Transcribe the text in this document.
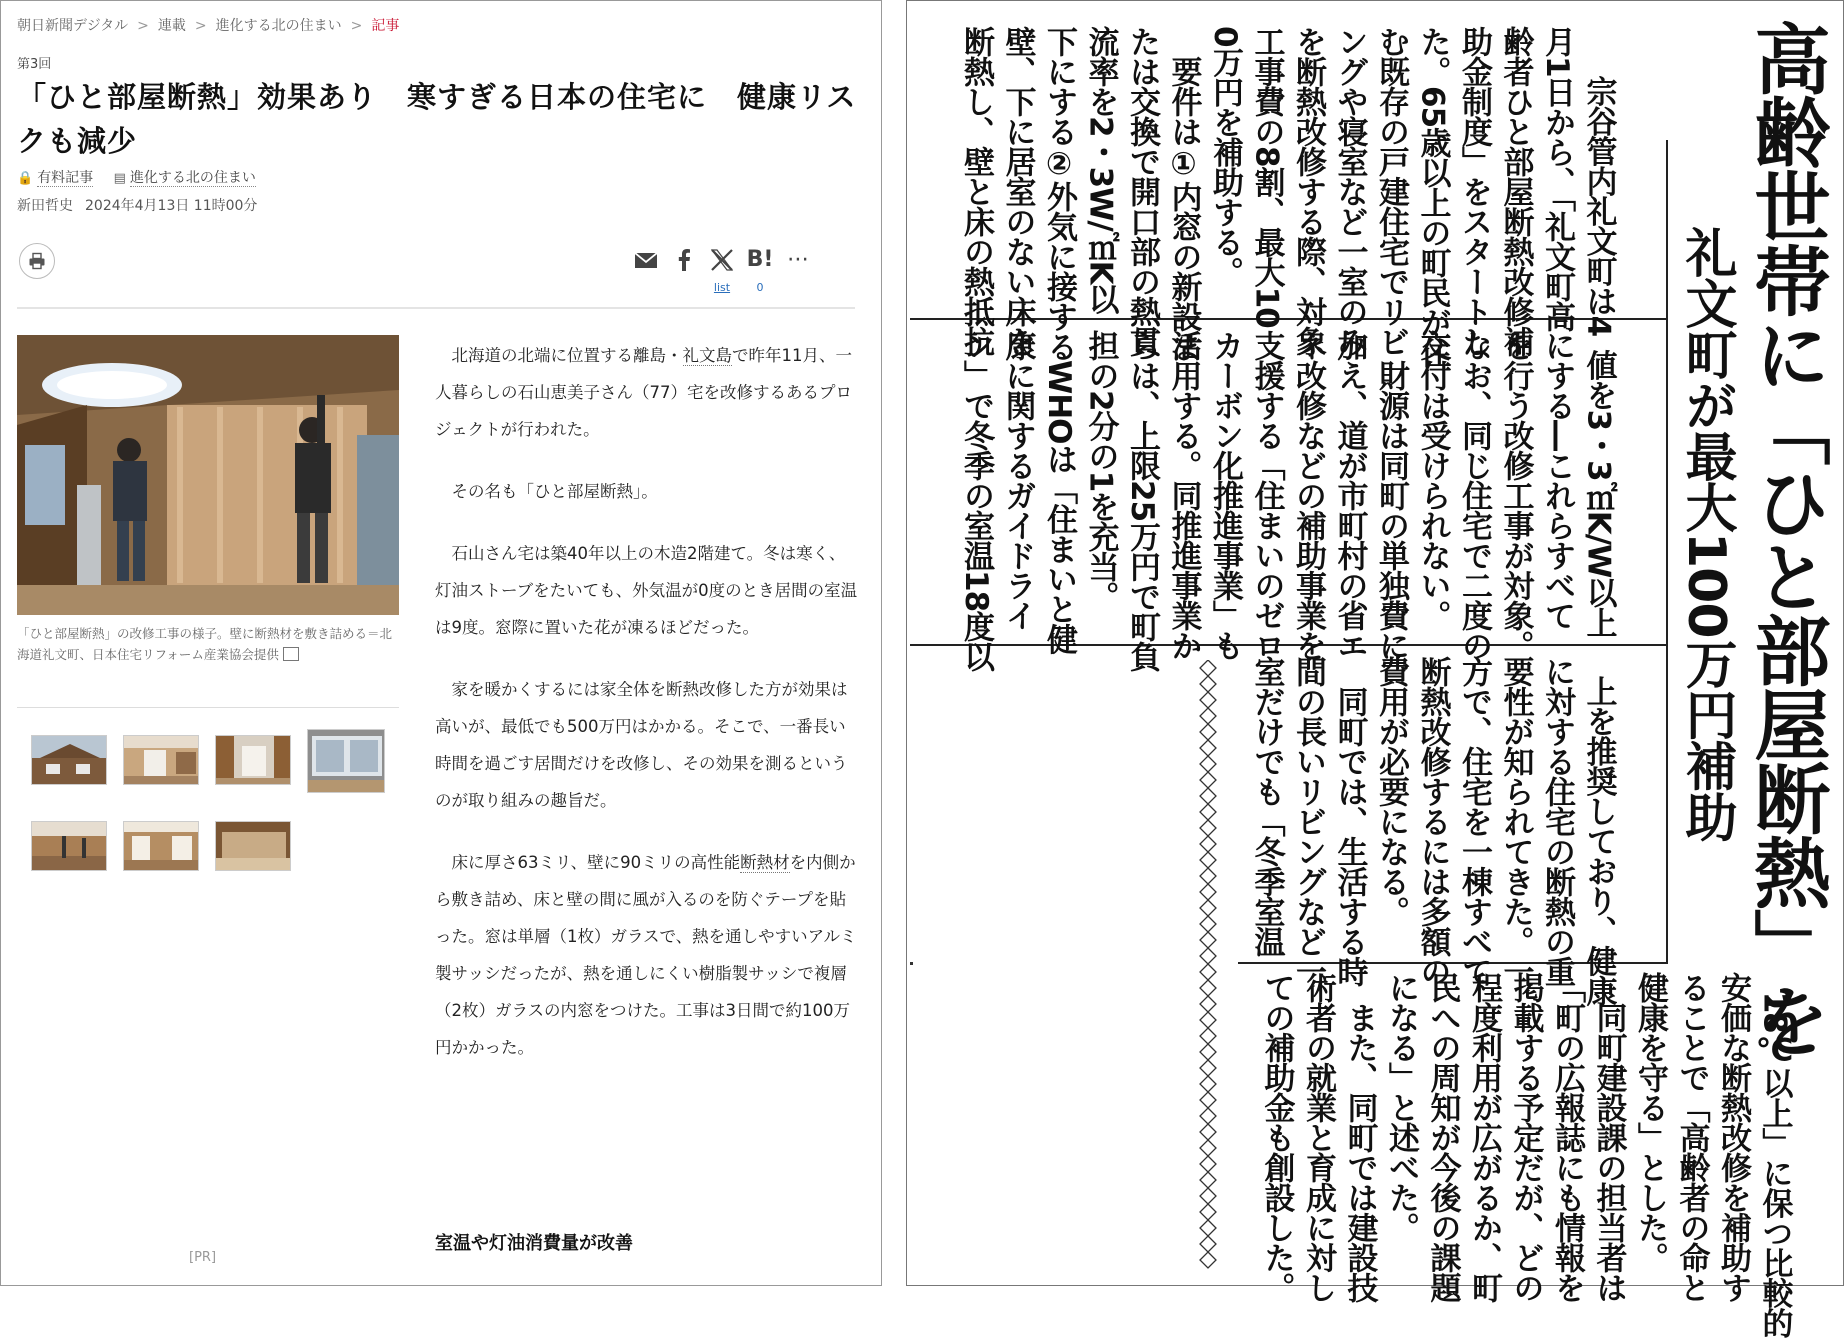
朝日新聞デジタル > 連載 > 進化する北の住まい > 記事
第3回
「ひと部屋断熱」効果あり　寒すぎる日本の住宅に　健康リスクも減少
🔒 有料記事 ▤ 進化する北の住まい
新田哲史 2024年4月13日 11時00分
list
B!
0
⋯
「ひと部屋断熱」の改修工事の様子。壁に断熱材を敷き詰める＝北海道礼文町、日本住宅リフォーム産業協会提供
[PR]

北海道の北端に位置する離島・礼文島で昨年11月、一人暮らしの石山恵美子さん（77）宅を改修するあるプロジェクトが行われた。

その名も「ひと部屋断熱」。

石山さん宅は築40年以上の木造2階建て。冬は寒く、灯油ストーブをたいても、外気温が0度のとき居間の室温は9度。窓際に置いた花が凍るほどだった。

家を暖かくするには家全体を断熱改修した方が効果は高いが、最低でも500万円はかかる。そこで、一番長い時間を過ごす居間だけを改修し、その効果を測るというのが取り組みの趣旨だ。

床に厚さ63ミリ、壁に90ミリの高性能断熱材を内側から敷き詰め、床と壁の間に風が入るのを防ぐテープを貼った。窓は単層（1枚）ガラスで、熱を通しやすいアルミ製サッシだったが、熱を通しにくい樹脂製サッシで複層（2枚）ガラスの内窓をつけた。工事は3日間で約100万円かかった。

室温や灯油消費量が改善
高齢世帯に「ひと部屋断熱」を
礼文町が最大100万円補助

　宗谷管内礼文町は4
月1日から、「礼文町高
齢者ひと部屋断熱改修補
助金制度」をスタートし
た。65歳以上の町民が住
む既存の戸建住宅でリビ
ングや寝室など一室のみ
を断熱改修する際、対象
工事費の8割、最大10
0万円を補助する。
　要件は①内窓の新設ま
たは交換で開口部の熱貫
流率を2・3W/㎡K以
下にする②外気に接する
壁、下に居室のない床を
断熱し、壁と床の熱抵抗

値を3・3㎡K/W以上
にする―これらすべて
を行う改修工事が対象。
なお、同じ住宅で二度の
交付は受けられない。
　財源は同町の単独費に
加え、道が市町村の省エ
ネ改修などの補助事業を
支援する「住まいのゼロ
カーボン化推進事業」も
活用する。同推進事業か
らは、上限25万円で町負
担の2分の1を充当。
　WHOは「住まいと健
康に関するガイドライ
ン」で冬季の室温18度以

上を推奨しており、健康
に対する住宅の断熱の重
要性が知られてきた。一
方で、住宅を一棟すべて
断熱改修するには多額の
費用が必要になる。
　同町では、生活する時
間の長いリビングなど一
室だけでも「冬季室温

18℃以上」に保つ比較的
安価な断熱改修を補助す
ることで「高齢者の命と
健康を守る」とした。
　同町建設課の担当者は
「町の広報誌にも情報を
掲載する予定だが、どの
程度利用が広がるか、町
民への周知が今後の課題
になる」と述べた。
　また、同町では建設技
術者の就業と育成に対し
ての補助金も創設した。
